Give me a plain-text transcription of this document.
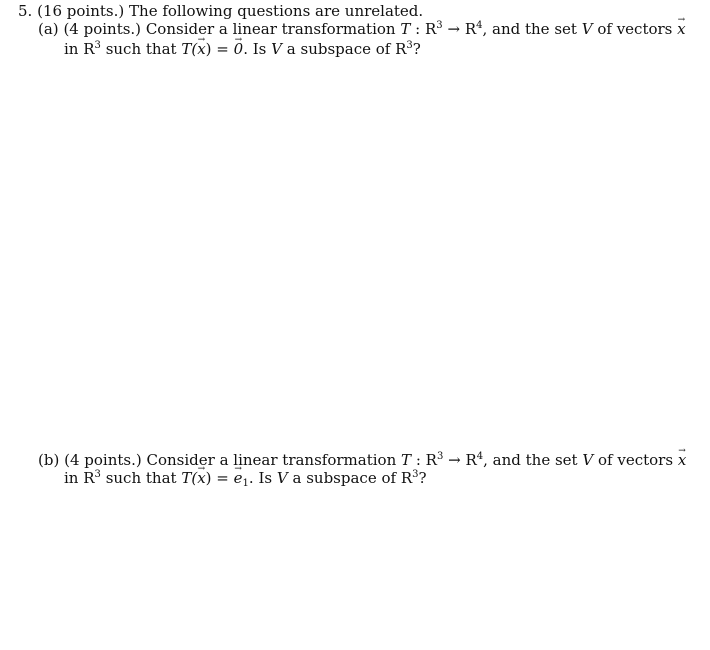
5. (16 points.) The following questions are unrelated.
(a) (4 points.) Consider a linear transformation T : $R^3 \to R^4$, and the set V of vectors → x
in $R^3$ such that T(→ x) = → 0. Is V a subspace of $R^3$?
(b) (4 points.) Consider a linear transformation T : $R^3 \to R^4$, and the set V of vectors → x
in $R^3$ such that T(→ x) = → $e_1$. Is V a subspace of $R^3$?
